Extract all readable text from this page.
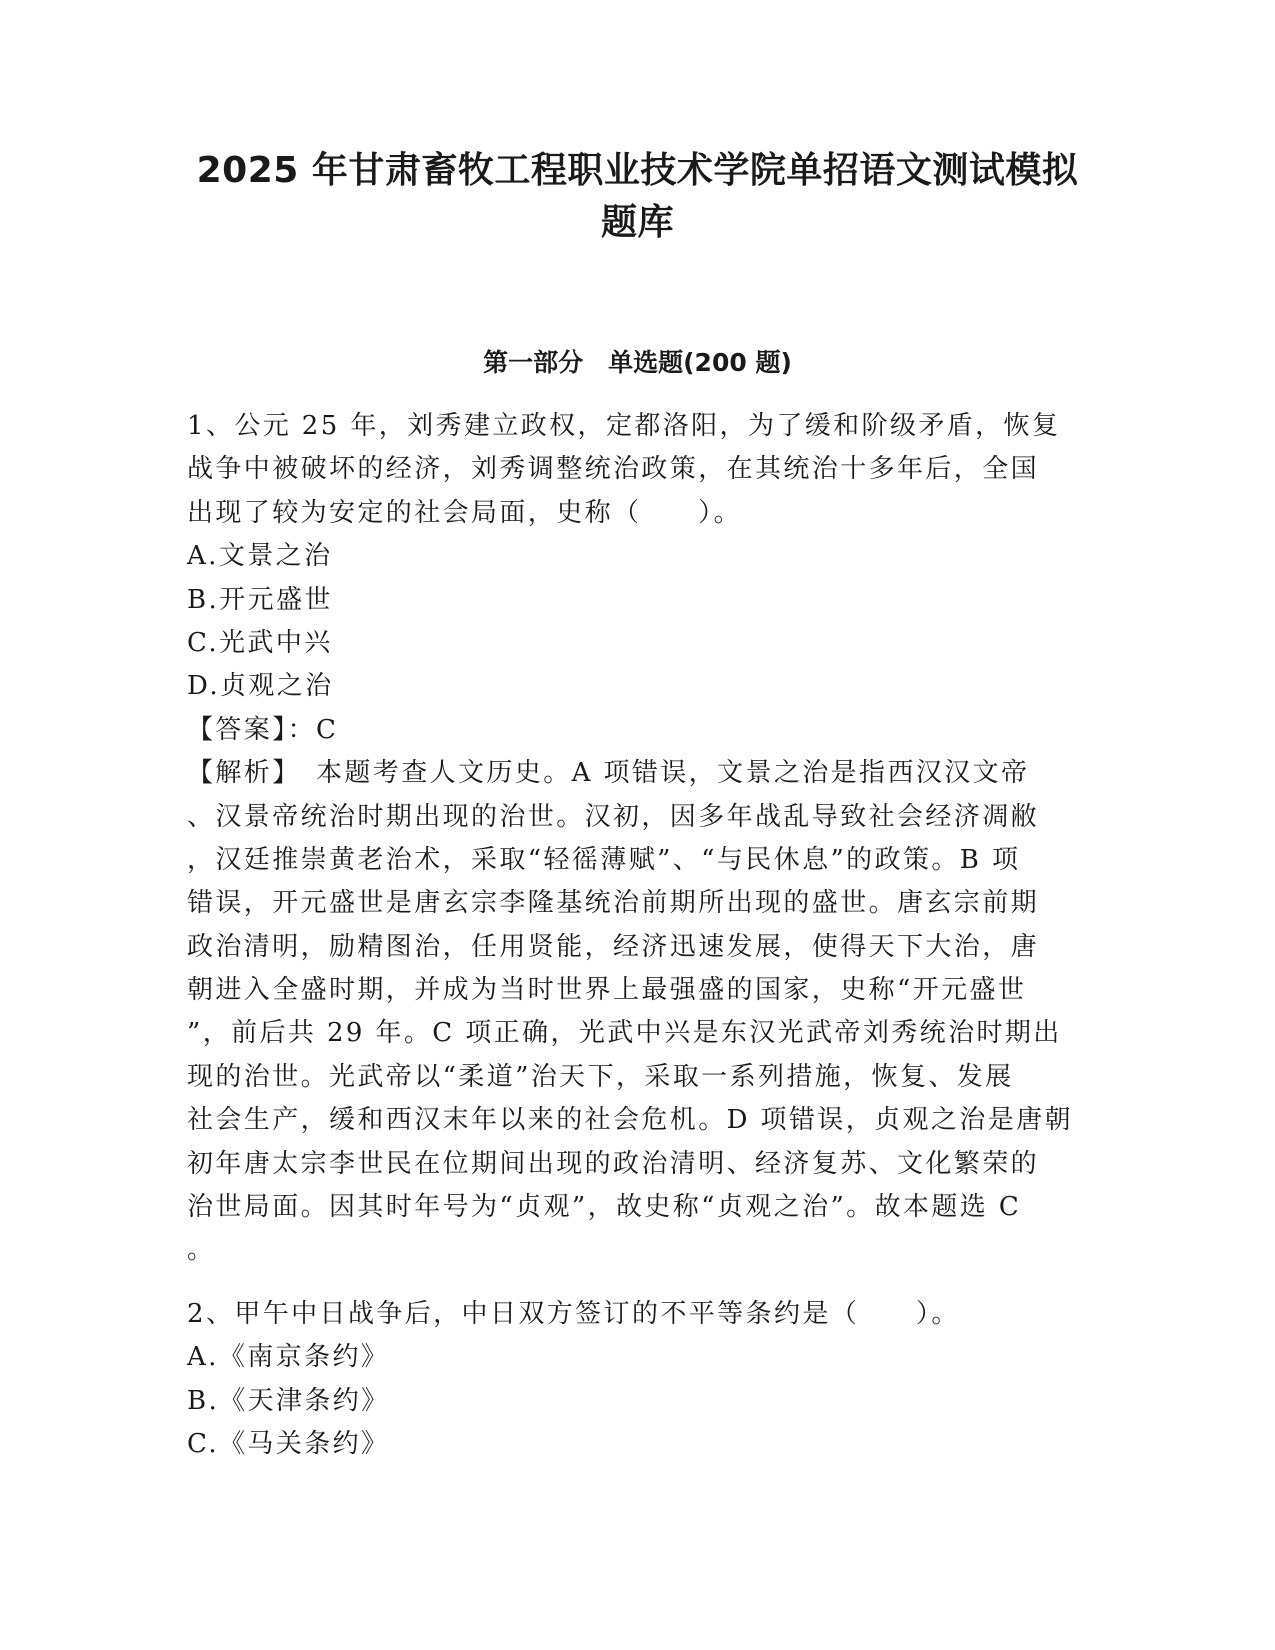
2025 年甘肃畜牧工程职业技术学院单招语文测试模拟
题库
第一部分　单选题(200 题)
1、公元 25 年，刘秀建立政权，定都洛阳，为了缓和阶级矛盾，恢复
战争中被破坏的经济，刘秀调整统治政策，在其统治十多年后，全国
出现了较为安定的社会局面，史称（　　）。
A.文景之治
B.开元盛世
C.光武中兴
D.贞观之治
【答案】：C
【解析】　本题考查人文历史。A 项错误，文景之治是指西汉汉文帝
、汉景帝统治时期出现的治世。汉初，因多年战乱导致社会经济凋敝
，汉廷推崇黄老治术，采取“轻徭薄赋”、“与民休息”的政策。B 项
错误，开元盛世是唐玄宗李隆基统治前期所出现的盛世。唐玄宗前期
政治清明，励精图治，任用贤能，经济迅速发展，使得天下大治，唐
朝进入全盛时期，并成为当时世界上最强盛的国家，史称“开元盛世
”，前后共 29 年。C 项正确，光武中兴是东汉光武帝刘秀统治时期出
现的治世。光武帝以“柔道”治天下，采取一系列措施，恢复、发展
社会生产，缓和西汉末年以来的社会危机。D 项错误，贞观之治是唐朝
初年唐太宗李世民在位期间出现的政治清明、经济复苏、文化繁荣的
治世局面。因其时年号为“贞观”，故史称“贞观之治”。故本题选 C
。
2、甲午中日战争后，中日双方签订的不平等条约是（　　）。
A.《南京条约》
B.《天津条约》
C.《马关条约》
